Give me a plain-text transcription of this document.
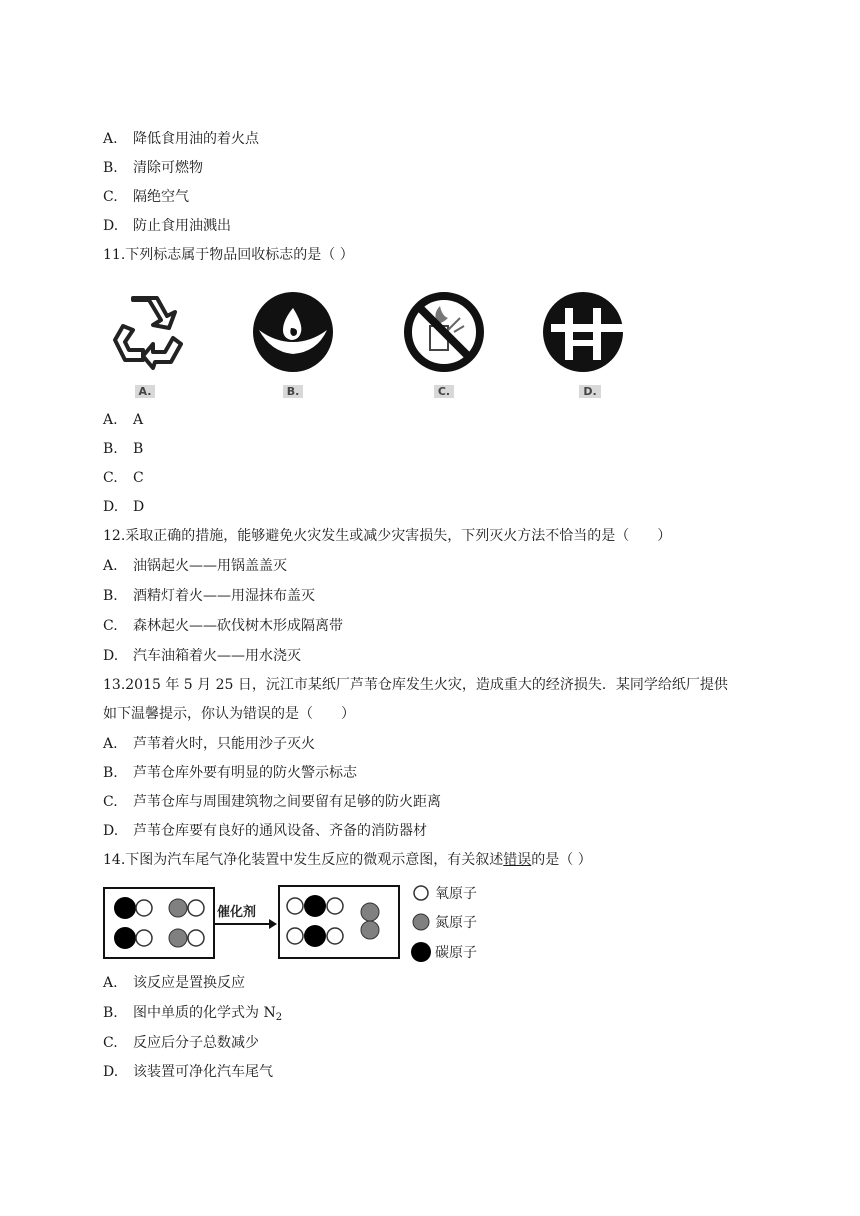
A. 降低食用油的着火点
B. 清除可燃物
C. 隔绝空气
D. 防止食用油溅出
11.下列标志属于物品回收标志的是（ ）
A.	B.	C.	D.
A. A
B. B
C. C
D. D
12.采取正确的措施，能够避免火灾发生或减少灾害损失，下列灭火方法不恰当的是（　　）
A. 油锅起火——用锅盖盖灭
B. 酒精灯着火——用湿抹布盖灭
C. 森林起火——砍伐树木形成隔离带
D. 汽车油箱着火——用水浇灭
13.2015 年 5 月 25 日，沅江市某纸厂芦苇仓库发生火灾，造成重大的经济损失．某同学给纸厂提供
如下温馨提示，你认为错误的是（　　）
A. 芦苇着火时，只能用沙子灭火
B. 芦苇仓库外要有明显的防火警示标志
C. 芦苇仓库与周围建筑物之间要留有足够的防火距离
D. 芦苇仓库要有良好的通风设备、齐备的消防器材
14.下图为汽车尾气净化装置中发生反应的微观示意图，有关叙述错误的是（ ）
催化剂
氧原子
氮原子
碳原子
A. 该反应是置换反应
B. 图中单质的化学式为 $N_2$
C. 反应后分子总数减少
D. 该装置可净化汽车尾气
